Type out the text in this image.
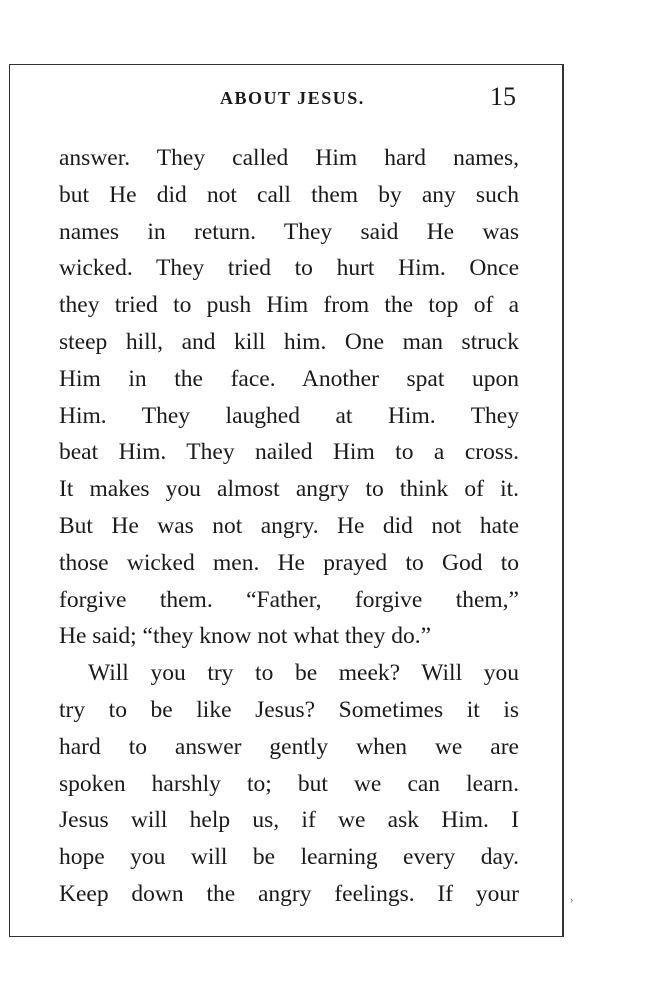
ABOUT JESUS.	15
answer. They called Him hard names,
but He did not call them by any such
names in return. They said He was
wicked. They tried to hurt Him. Once
they tried to push Him from the top of a
steep hill, and kill him. One man struck
Him in the face. Another spat upon
Him. They laughed at Him. They
beat Him. They nailed Him to a cross.
It makes you almost angry to think of it.
But He was not angry. He did not hate
those wicked men. He prayed to God to
forgive them. “Father, forgive them,”
He said; “they know not what they do.”
Will you try to be meek? Will you
try to be like Jesus? Sometimes it is
hard to answer gently when we are
spoken harshly to; but we can learn.
Jesus will help us, if we ask Him. I
hope you will be learning every day.
Keep down the angry feelings. If your	›
